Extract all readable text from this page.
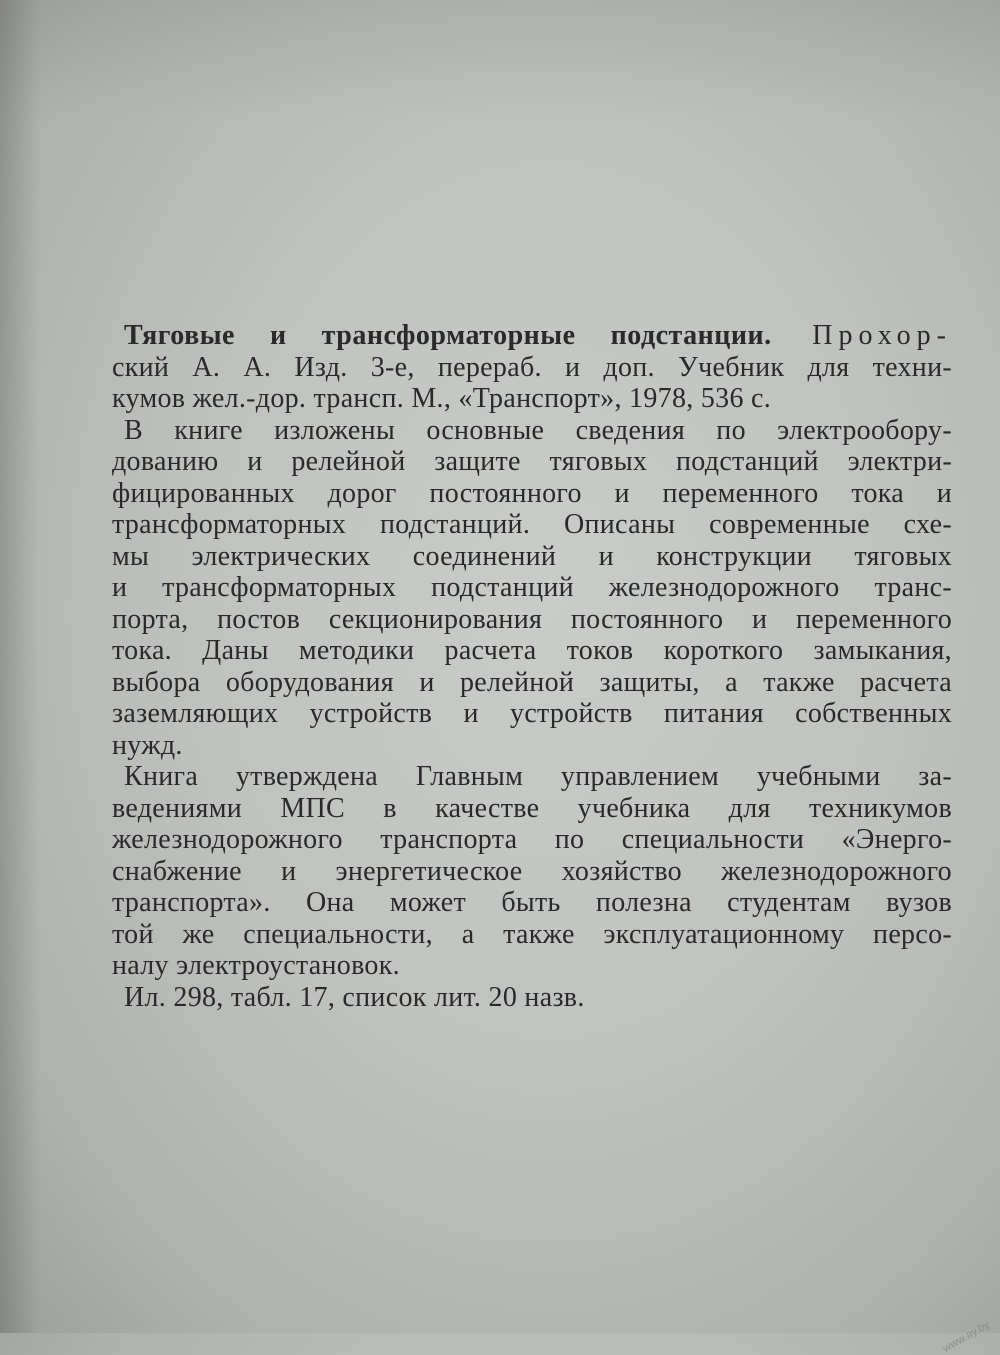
Тяговые и трансформаторные подстанции. Прохор-
ский А. А. Изд. 3-е, перераб. и доп. Учебник для техни-
кумов жел.-дор. трансп. М., «Транспорт», 1978, 536 с.
В книге изложены основные сведения по электрообору-
дованию и релейной защите тяговых подстанций электри-
фицированных дорог постоянного и переменного тока и
трансформаторных подстанций. Описаны современные схе-
мы электрических соединений и конструкции тяговых
и трансформаторных подстанций железнодорожного транс-
порта, постов секционирования постоянного и переменного
тока. Даны методики расчета токов короткого замыкания,
выбора оборудования и релейной защиты, а также расчета
заземляющих устройств и устройств питания собственных
нужд.
Книга утверждена Главным управлением учебными за-
ведениями МПС в качестве учебника для техникумов
железнодорожного транспорта по специальности «Энерго-
снабжение и энергетическое хозяйство железнодорожного
транспорта». Она может быть полезна студентам вузов
той же специальности, а также эксплуатационному персо-
налу электроустановок.
Ил. 298, табл. 17, список лит. 20 назв.
www.ay.by
